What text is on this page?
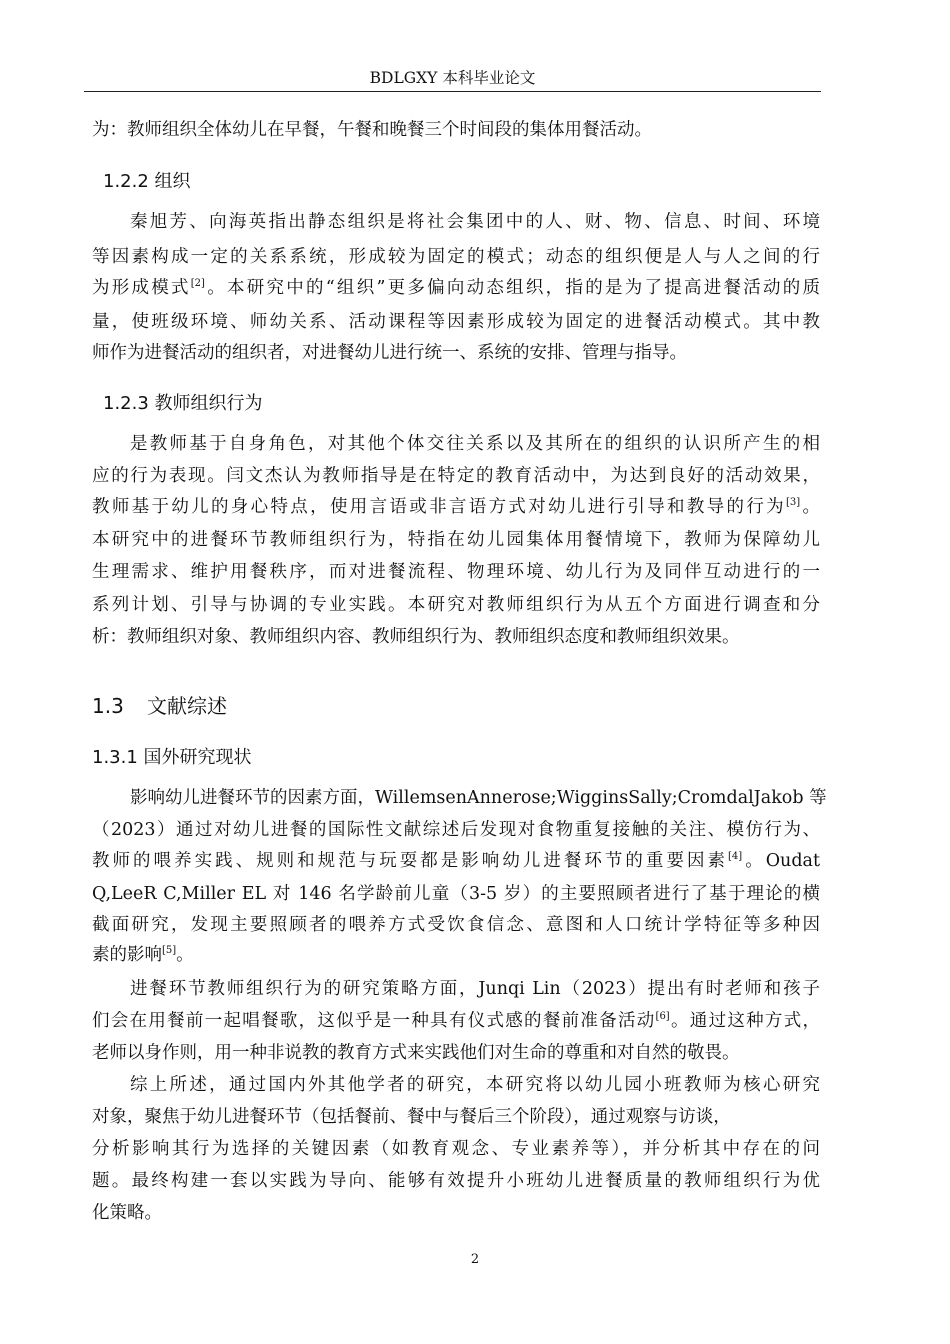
BDLGXY 本科毕业论文
为：教师组织全体幼儿在早餐，午餐和晚餐三个时间段的集体用餐活动。
1.2.2 组织
秦旭芳、向海英指出静态组织是将社会集团中的人、财、物、信息、时间、环境
等因素构成一定的关系系统，形成较为固定的模式；动态的组织便是人与人之间的行
为形成模式[2]。本研究中的“组织”更多偏向动态组织，指的是为了提高进餐活动的质
量，使班级环境、师幼关系、活动课程等因素形成较为固定的进餐活动模式。其中教
师作为进餐活动的组织者，对进餐幼儿进行统一、系统的安排、管理与指导。
1.2.3 教师组织行为
是教师基于自身角色，对其他个体交往关系以及其所在的组织的认识所产生的相
应的行为表现。闫文杰认为教师指导是在特定的教育活动中，为达到良好的活动效果，
教师基于幼儿的身心特点，使用言语或非言语方式对幼儿进行引导和教导的行为[3]。
本研究中的进餐环节教师组织行为，特指在幼儿园集体用餐情境下，教师为保障幼儿
生理需求、维护用餐秩序，而对进餐流程、物理环境、幼儿行为及同伴互动进行的一
系列计划、引导与协调的专业实践。本研究对教师组织行为从五个方面进行调查和分
析：教师组织对象、教师组织内容、教师组织行为、教师组织态度和教师组织效果。
1.3 文献综述
1.3.1 国外研究现状
影响幼儿进餐环节的因素方面，WillemsenAnnerose;WigginsSally;CromdalJakob 等
（2023）通过对幼儿进餐的国际性文献综述后发现对食物重复接触的关注、模仿行为、
教师的喂养实践、规则和规范与玩耍都是影响幼儿进餐环节的重要因素[4]。Oudat
Q,LeeR C,Miller EL 对 146 名学龄前儿童（3-5 岁）的主要照顾者进行了基于理论的横
截面研究，发现主要照顾者的喂养方式受饮食信念、意图和人口统计学特征等多种因
素的影响[5]。
进餐环节教师组织行为的研究策略方面，Junqi Lin（2023）提出有时老师和孩子
们会在用餐前一起唱餐歌，这似乎是一种具有仪式感的餐前准备活动[6]。通过这种方式，
老师以身作则，用一种非说教的教育方式来实践他们对生命的尊重和对自然的敬畏。
综上所述，通过国内外其他学者的研究，本研究将以幼儿园小班教师为核心研究
对象，聚焦于幼儿进餐环节（包括餐前、餐中与餐后三个阶段），通过观察与访谈，
分析影响其行为选择的关键因素（如教育观念、专业素养等），并分析其中存在的问
题。最终构建一套以实践为导向、能够有效提升小班幼儿进餐质量的教师组织行为优
化策略。
2
